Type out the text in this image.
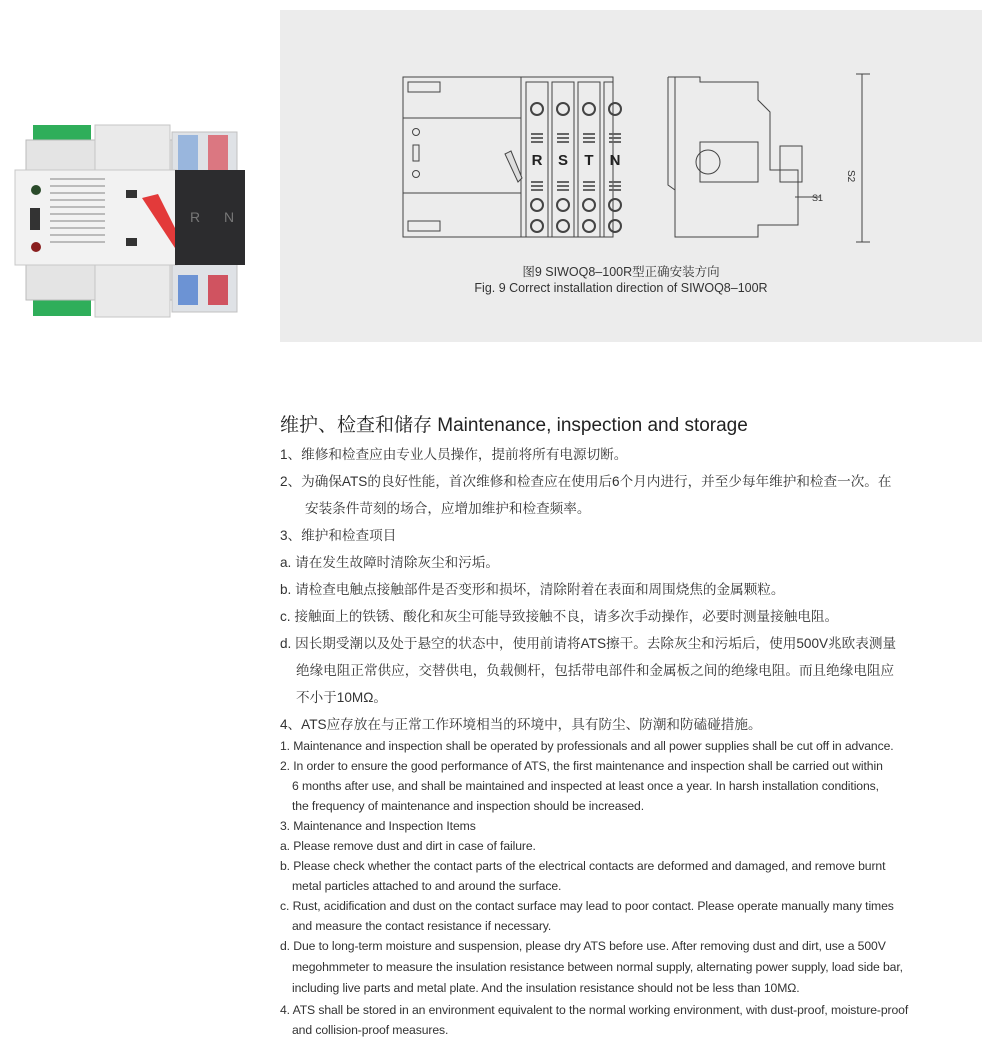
R N
R S T N
S2
S1
图9 SIWOQ8–100R型正确安装方向
Fig. 9 Correct installation direction of SIWOQ8–100R
维护、检查和储存 Maintenance, inspection and storage
1、维修和检查应由专业人员操作，提前将所有电源切断。
2、为确保ATS的良好性能，首次维修和检查应在使用后6个月内进行，并至少每年维护和检查一次。在
安装条件苛刻的场合，应增加维护和检查频率。
3、维护和检查项目
a. 请在发生故障时清除灰尘和污垢。
b. 请检查电触点接触部件是否变形和损坏，清除附着在表面和周围烧焦的金属颗粒。
c. 接触面上的铁锈、酸化和灰尘可能导致接触不良，请多次手动操作，必要时测量接触电阻。
d. 因长期受潮以及处于悬空的状态中，使用前请将ATS擦干。去除灰尘和污垢后，使用500V兆欧表测量
绝缘电阻正常供应，交替供电，负载侧杆，包括带电部件和金属板之间的绝缘电阻。而且绝缘电阻应
不小于10MΩ。
4、ATS应存放在与正常工作环境相当的环境中，具有防尘、防潮和防磕碰措施。
1. Maintenance and inspection shall be operated by professionals and all power supplies shall be cut off in advance.
2. In order to ensure the good performance of ATS, the first maintenance and inspection shall be carried out within
6 months after use, and shall be maintained and inspected at least once a year. In harsh installation conditions,
the frequency of maintenance and inspection should be increased.
3. Maintenance and Inspection Items
a. Please remove dust and dirt in case of failure.
b. Please check whether the contact parts of the electrical contacts are deformed and damaged, and remove burnt
metal particles attached to and around the surface.
c. Rust, acidification and dust on the contact surface may lead to poor contact. Please operate manually many times
and measure the contact resistance if necessary.
d. Due to long-term moisture and suspension, please dry ATS before use. After removing dust and dirt, use a 500V
megohmmeter to measure the insulation resistance between normal supply, alternating power supply, load side bar,
including live parts and metal plate. And the insulation resistance should not be less than 10MΩ.
4. ATS shall be stored in an environment equivalent to the normal working environment, with dust-proof, moisture-proof
and collision-proof measures.
